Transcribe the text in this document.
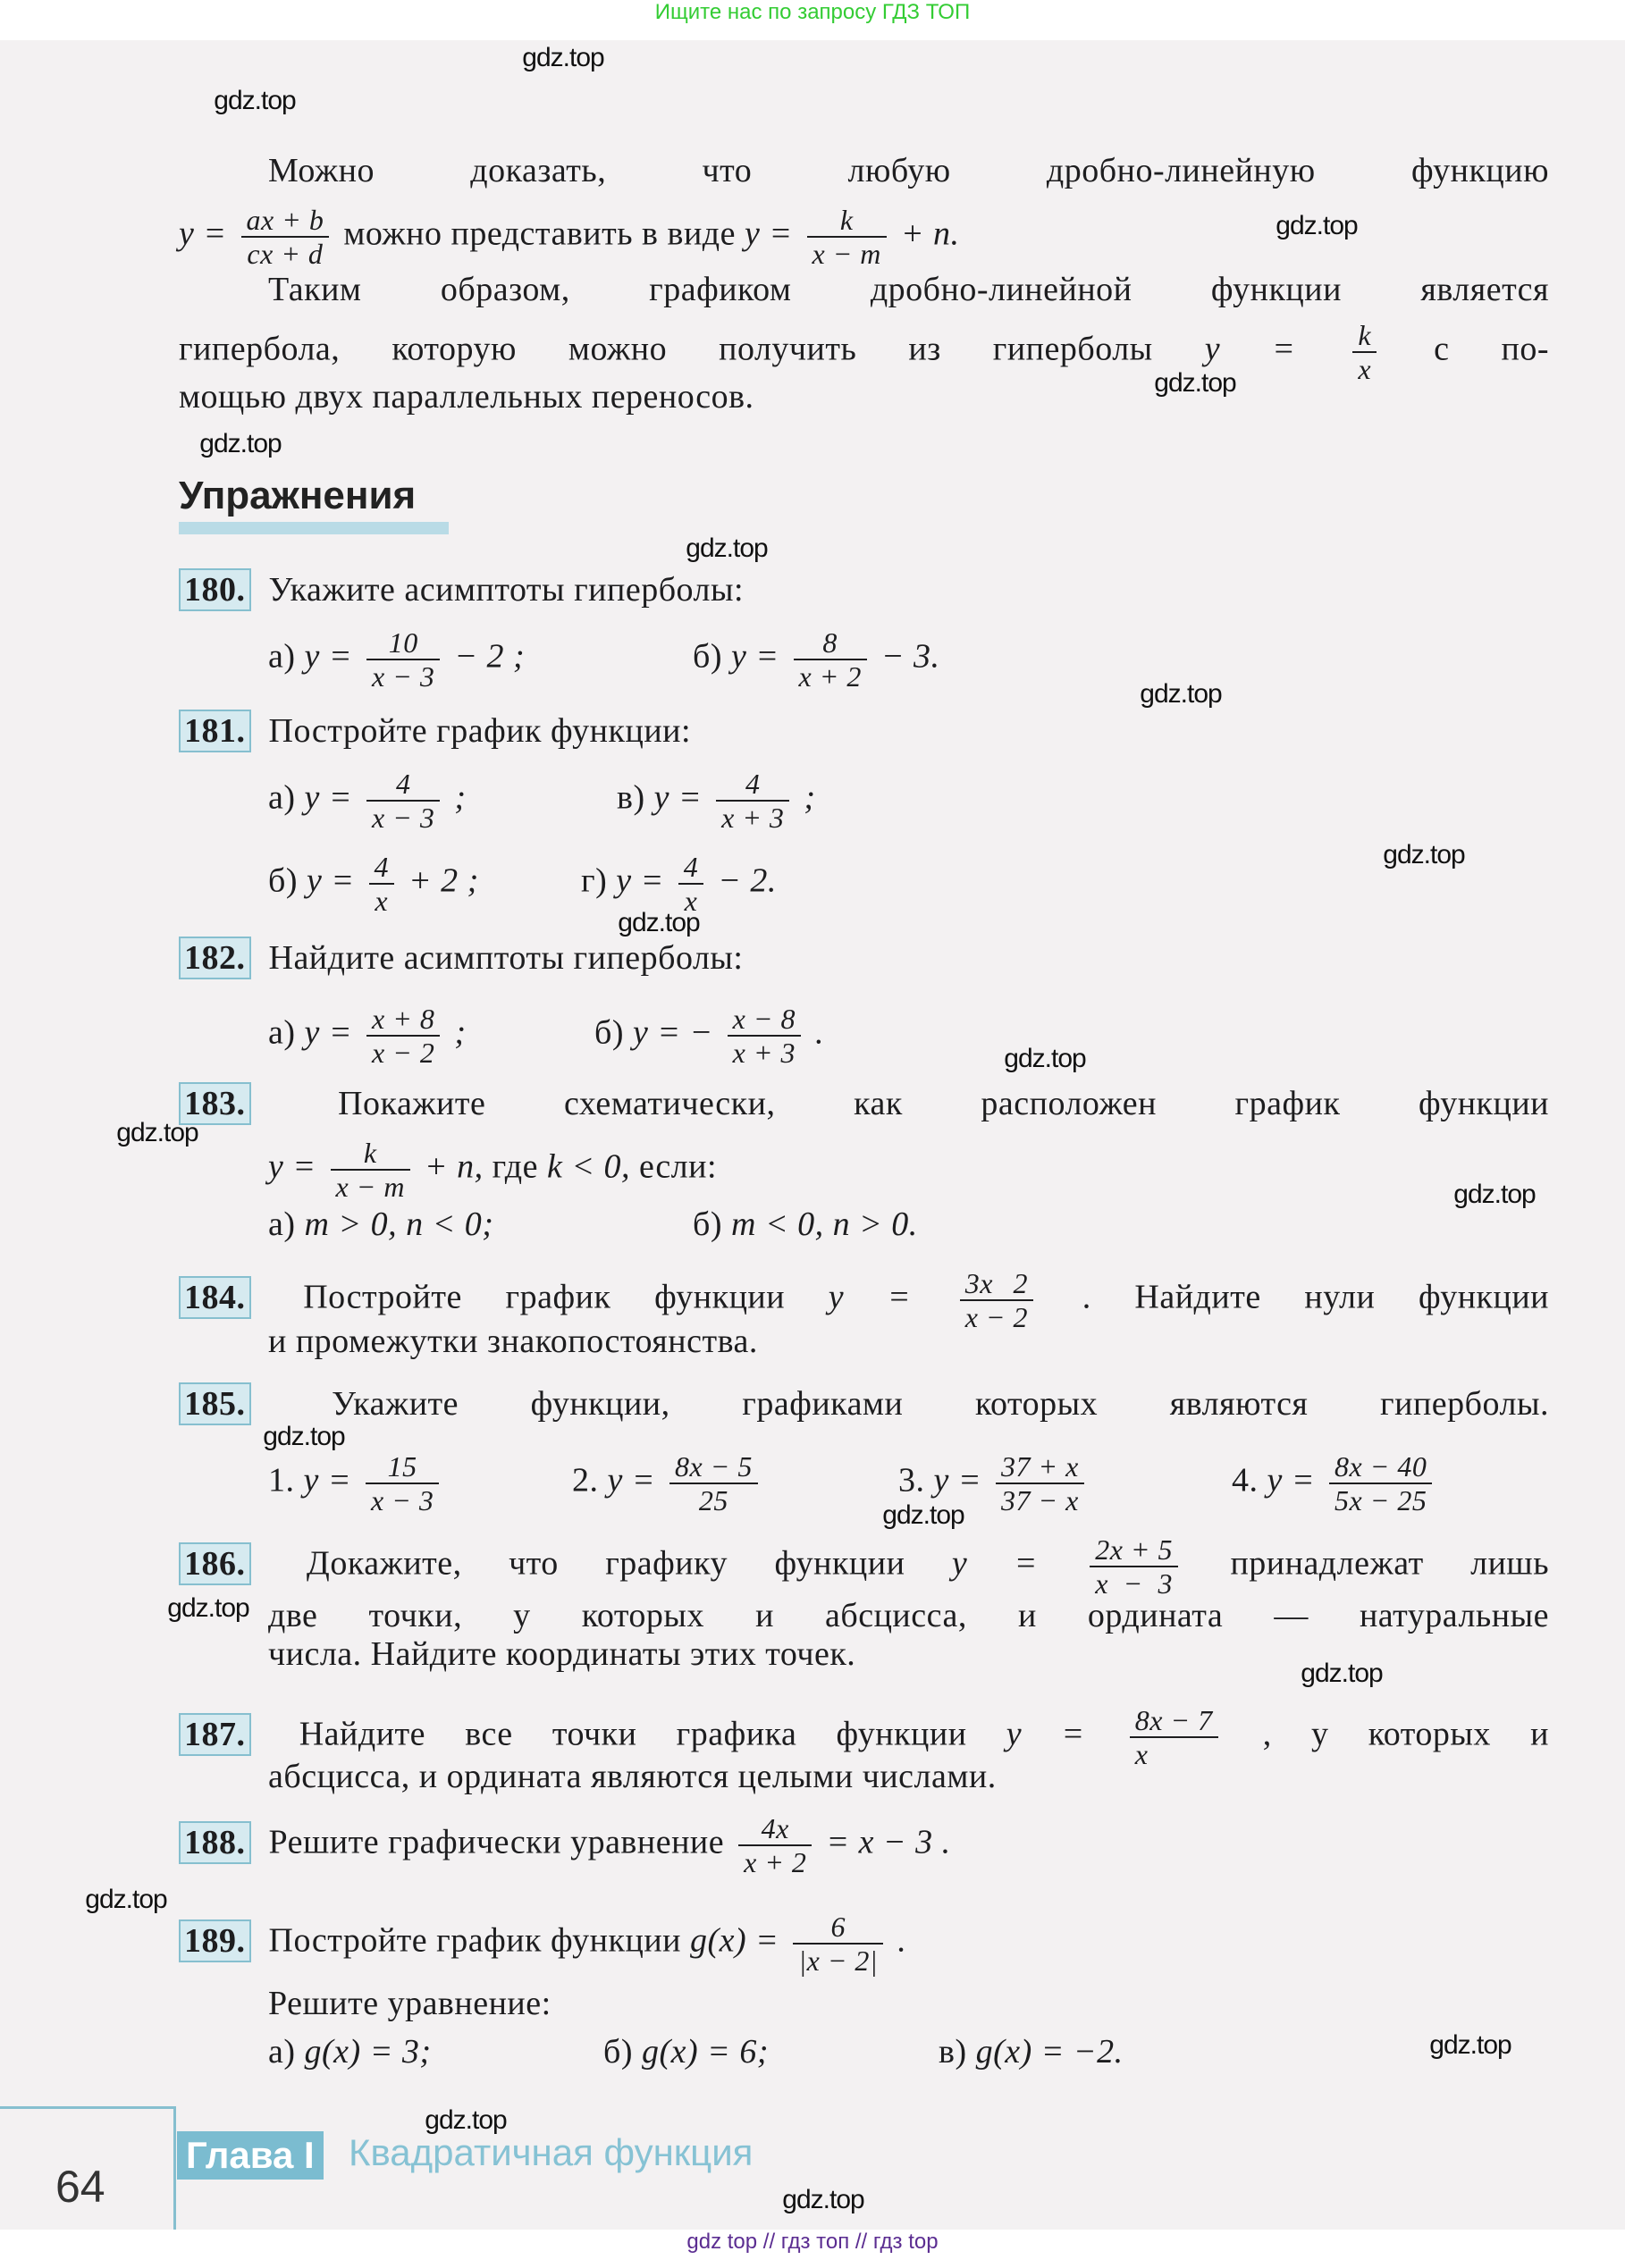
Ищите нас по запросу ГДЗ ТОП
Можно доказать, что любую дробно-линейную функцию
$y = \frac{ax + b}{cx + d}$ можно представить в виде $y = \frac{k}{x - m} + n$.
Таким образом, графиком дробно-линейной функции является
гипербола, которую можно получить из гиперболы $y = \frac{k}{x}$ с по-
мощью двух параллельных переносов.
180. Укажите асимптоты гиперболы:
а) $y = \frac{10}{x - 3} - 2$ ;	б) $y = \frac{8}{x + 2} - 3$.
181. Постройте график функции:
а) $y = \frac{4}{x - 3}$ ;	в) $y = \frac{4}{x + 3}$ ;
б) $y = \frac{4}{x} + 2$ ;	г) $y = \frac{4}{x} - 2$.
182. Найдите асимптоты гиперболы:
а) $y = \frac{x + 8}{x - 2}$ ;	б) y = − $\frac{x - 8}{x + 3}$ .
183.	Покажите схематически, как расположен график функции
$y = \frac{k}{x - m} + n$, где k < 0, если:
а) m > 0, n < 0;	б) m < 0, n > 0.
184. Постройте график функции $y = \frac{3x 2}{x - 2}$ . Найдите нули функции
и промежутки знакопостоянства.
185.	Укажите функции, графиками которых являются гиперболы.
1. $y = \frac{15}{x - 3}$	2. $y = \frac{8x - 5}{25}$	3. $y = \frac{37 + x}{37 - x}$	4. $y = \frac{8x - 40}{5x - 25}$
186. Докажите, что графику функции $y = \frac{2x + 5}{x - 3}$ принадлежат лишь
две точки, у которых и абсцисса, и ордината — натуральные
числа. Найдите координаты этих точек.
187. Найдите все точки графика функции $y = \frac{8x - 7}{x}$ , у которых и
абсцисса, и ордината являются целыми числами.
188. Решите графически уравнение $\frac{4x}{x + 2} = x - 3$ .
189. Постройте график функции $g(x) = \frac{6}{|x - 2|}$ .
Решите уравнение:
а) g(x) = 3;	б) g(x) = 6;	в) g(x) = −2.
Упражнения
gdz.top
gdz.top
gdz.top
gdz.top
gdz.top
gdz.top
gdz.top
gdz.top
gdz.top
gdz.top
gdz.top
gdz.top
gdz.top
gdz.top
gdz.top
gdz.top
gdz.top
gdz.top
gdz.top
gdz.top
Глава I Квадратичная функция
64
gdz top // гдз топ // гдз top
